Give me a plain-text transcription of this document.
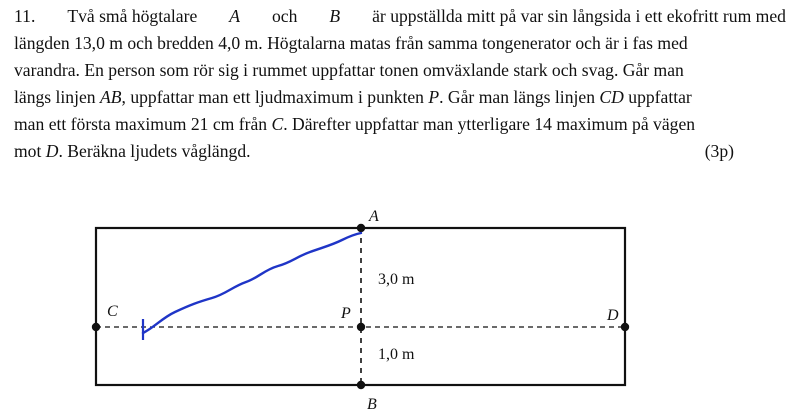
11. Två små högtalare A och B är uppställda mitt på var sin långsida i ett ekofritt rum med
längden 13,0 m och bredden 4,0 m. Högtalarna matas från samma tongenerator och är i fas med
varandra. En person som rör sig i rummet uppfattar tonen omväxlande stark och svag. Går man
längs linjen AB, uppfattar man ett ljudmaximum i punkten P. Går man längs linjen CD uppfattar
man ett första maximum 21 cm från C. Därefter uppfattar man ytterligare 14 maximum på vägen
mot D. Beräkna ljudets våglängd.	(3p)
A
B
C	D
P
3,0 m
1,0 m
